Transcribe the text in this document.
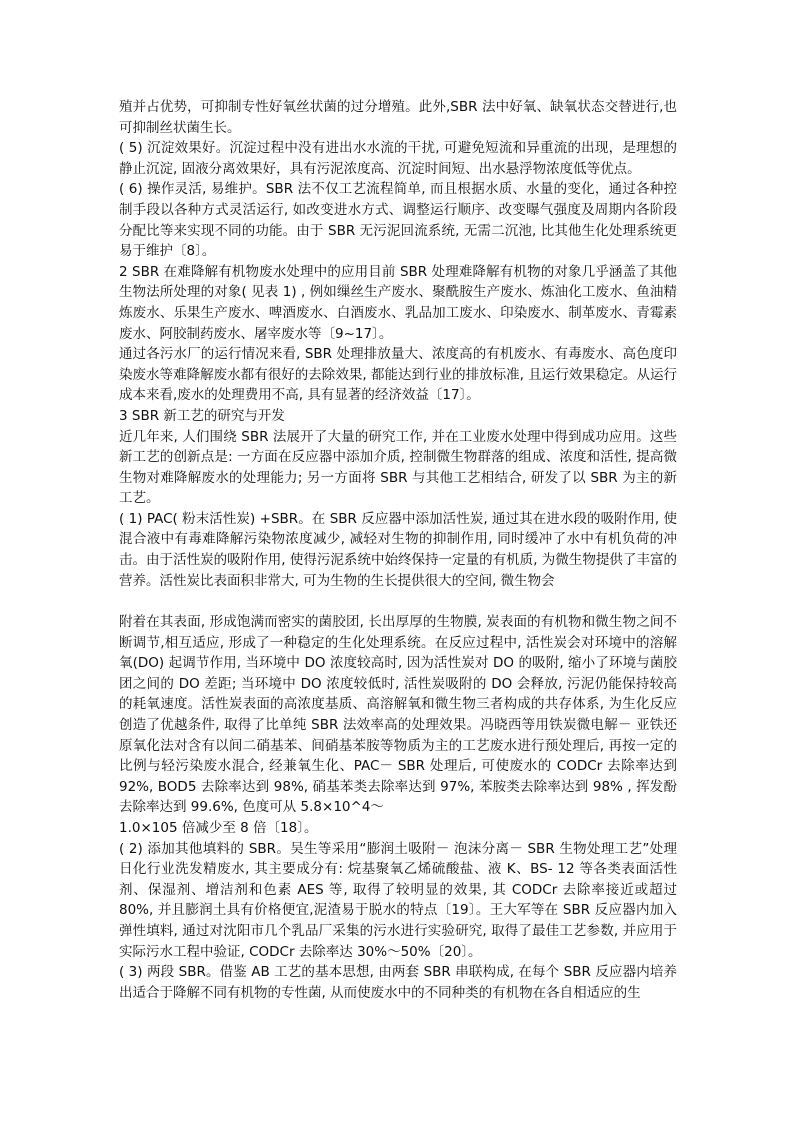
殖并占优势，可抑制专性好氧丝状菌的过分增殖。此外,SBR 法中好氧、缺氧状态交替进行,也可抑制丝状菌生长。

( 5) 沉淀效果好。沉淀过程中没有进出水水流的干扰, 可避免短流和异重流的出现，是理想的静止沉淀, 固液分离效果好，具有污泥浓度高、沉淀时间短、出水悬浮物浓度低等优点。

( 6) 操作灵活, 易维护。SBR 法不仅工艺流程简单, 而且根据水质、水量的变化，通过各种控制手段以各种方式灵活运行, 如改变进水方式、调整运行顺序、改变曝气强度及周期内各阶段分配比等来实现不同的功能。由于 SBR 无污泥回流系统, 无需二沉池, 比其他生化处理系统更易于维护〔8〕。

2 SBR 在难降解有机物废水处理中的应用目前 SBR 处理难降解有机物的对象几乎涵盖了其他生物法所处理的对象( 见表 1) , 例如缫丝生产废水、聚酰胺生产废水、炼油化工废水、鱼油精炼废水、乐果生产废水、啤酒废水、白酒废水、乳品加工废水、印染废水、制革废水、青霉素废水、阿胶制药废水、屠宰废水等〔9~17〕。

通过各污水厂的运行情况来看, SBR 处理排放量大、浓度高的有机废水、有毒废水、高色度印染废水等难降解废水都有很好的去除效果, 都能达到行业的排放标准, 且运行效果稳定。从运行成本来看,废水的处理费用不高, 具有显著的经济效益〔17〕。

3 SBR 新工艺的研究与开发

近几年来, 人们围绕 SBR 法展开了大量的研究工作, 并在工业废水处理中得到成功应用。这些新工艺的创新点是: 一方面在反应器中添加介质, 控制微生物群落的组成、浓度和活性, 提高微生物对难降解废水的处理能力; 另一方面将 SBR 与其他工艺相结合, 研发了以 SBR 为主的新工艺。

( 1) PAC( 粉末活性炭) +SBR。在 SBR 反应器中添加活性炭, 通过其在进水段的吸附作用, 使混合液中有毒难降解污染物浓度减少, 减轻对生物的抑制作用, 同时缓冲了水中有机负荷的冲击。由于活性炭的吸附作用, 使得污泥系统中始终保持一定量的有机质, 为微生物提供了丰富的营养。活性炭比表面积非常大, 可为生物的生长提供很大的空间, 微生物会

附着在其表面, 形成饱满而密实的菌胶团, 长出厚厚的生物膜, 炭表面的有机物和微生物之间不断调节,相互适应, 形成了一种稳定的生化处理系统。在反应过程中, 活性炭会对环境中的溶解氧(DO) 起调节作用, 当环境中 DO 浓度较高时, 因为活性炭对 DO 的吸附, 缩小了环境与菌胶团之间的 DO 差距; 当环境中 DO 浓度较低时, 活性炭吸附的 DO 会释放, 污泥仍能保持较高的耗氧速度。活性炭表面的高浓度基质、高溶解氧和微生物三者构成的共存体系, 为生化反应创造了优越条件, 取得了比单纯 SBR 法效率高的处理效果。冯晓西等用铁炭微电解－ 亚铁还原氧化法对含有以间二硝基苯、间硝基苯胺等物质为主的工艺废水进行预处理后, 再按一定的比例与轻污染废水混合, 经兼氧生化、PAC－ SBR 处理后, 可使废水的 CODCr 去除率达到 92%, BOD5 去除率达到 98%, 硝基苯类去除率达到 97%, 苯胺类去除率达到 98% , 挥发酚去除率达到 99.6%, 色度可从 5.8×10^4～

1.0×105 倍减少至 8 倍〔18〕。

( 2) 添加其他填料的 SBR。吴生等采用“膨润土吸附－ 泡沫分离－ SBR 生物处理工艺”处理日化行业洗发精废水, 其主要成分有: 烷基聚氧乙烯硫酸盐、液 K、BS- 12 等各类表面活性剂、保湿剂、增洁剂和色素 AES 等, 取得了较明显的效果, 其 CODCr 去除率接近或超过 80%, 并且膨润土具有价格便宜,泥渣易于脱水的特点〔19〕。王大军等在 SBR 反应器内加入弹性填料, 通过对沈阳市几个乳品厂采集的污水进行实验研究, 取得了最佳工艺参数, 并应用于实际污水工程中验证, CODCr 去除率达 30%～50%〔20〕。

( 3) 两段 SBR。借鉴 AB 工艺的基本思想, 由两套 SBR 串联构成, 在每个 SBR 反应器内培养出适合于降解不同有机物的专性菌, 从而使废水中的不同种类的有机物在各自相适应的生
